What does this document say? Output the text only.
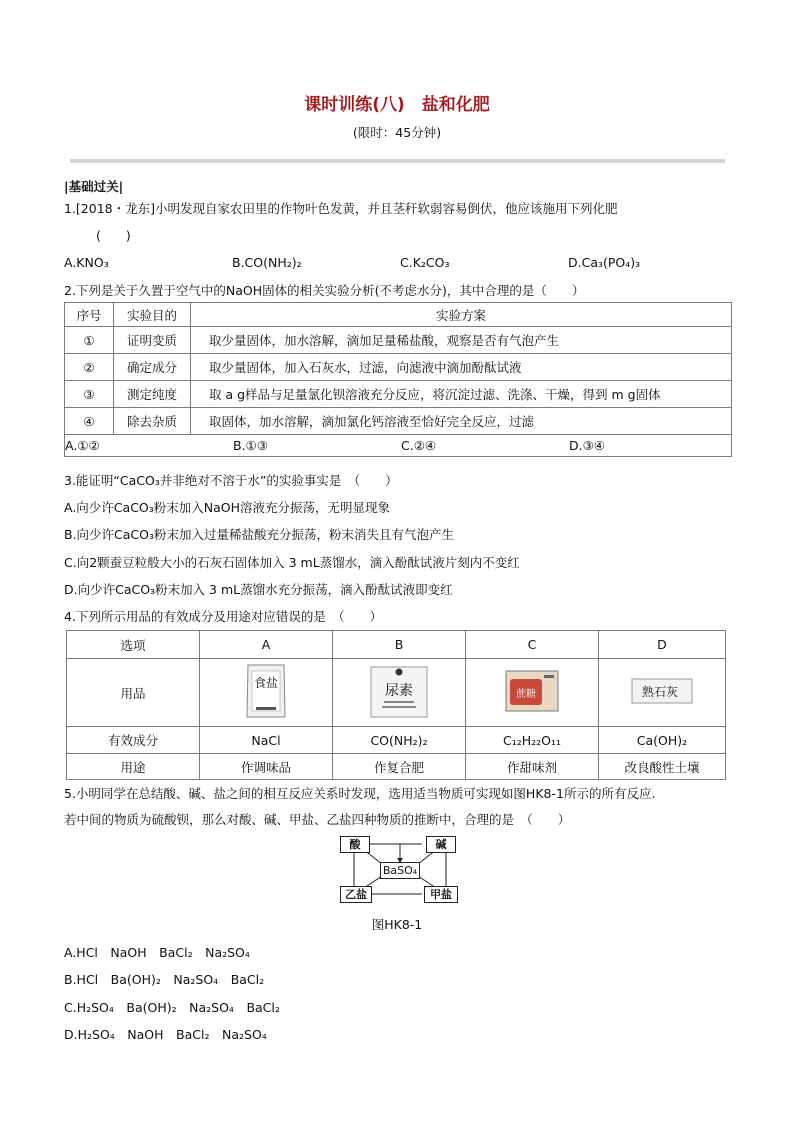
课时训练(八)　盐和化肥
(限时：45分钟)
|基础过关|
1.[2018・龙东]小明发现自家农田里的作物叶色发黄，并且茎秆软弱容易倒伏，他应该施用下列化肥
(　　)
A.KNO₃	B.CO(NH₂)₂	C.K₂CO₃	D.Ca₃(PO₄)₃
2.下列是关于久置于空气中的NaOH固体的相关实验分析(不考虑水分)，其中合理的是（　　）
序号	实验目的	实验方案
①	证明变质	取少量固体，加水溶解，滴加足量稀盐酸，观察是否有气泡产生
②	确定成分	取少量固体，加入石灰水，过滤，向滤液中滴加酚酞试液
③	测定纯度	取 a g样品与足量氯化钡溶液充分反应，将沉淀过滤、洗涤、干燥，得到 m g固体
④	除去杂质	取固体，加水溶解，滴加氯化钙溶液至恰好完全反应，过滤

A.①② B.①③ C.②④ D.③④		
3.能证明“CaCO₃并非绝对不溶于水”的实验事实是　（　　）
A.向少许CaCO₃粉末加入NaOH溶液充分振荡，无明显现象
B.向少许CaCO₃粉末加入过量稀盐酸充分振荡，粉末消失且有气泡产生
C.向2颗蚕豆粒般大小的石灰石固体加入 3 mL蒸馏水，滴入酚酞试液片刻内不变红
D.向少许CaCO₃粉末加入 3 mL蒸馏水充分振荡，滴入酚酞试液即变红
4.下列所示用品的有效成分及用途对应错误的是　（　　）
选项	A	B	C	D
用品	食盐	尿素	蔗糖	熟石灰

有效成分	NaCl	CO(NH₂)₂	C₁₂H₂₂O₁₁	Ca(OH)₂
用途	作调味品	作复合肥	作甜味剂	改良酸性土壤
5.小明同学在总结酸、碱、盐之间的相互反应关系时发现，选用适当物质可实现如图HK8-1所示的所有反应.
若中间的物质为硫酸钡，那么对酸、碱、甲盐、乙盐四种物质的推断中，合理的是　（　　）
酸	碱
BaSO₄
乙盐	甲盐
图HK8-1
A.HCl　NaOH　BaCl₂　Na₂SO₄
B.HCl　Ba(OH)₂　Na₂SO₄　BaCl₂
C.H₂SO₄　Ba(OH)₂　Na₂SO₄　BaCl₂
D.H₂SO₄　NaOH　BaCl₂　Na₂SO₄
